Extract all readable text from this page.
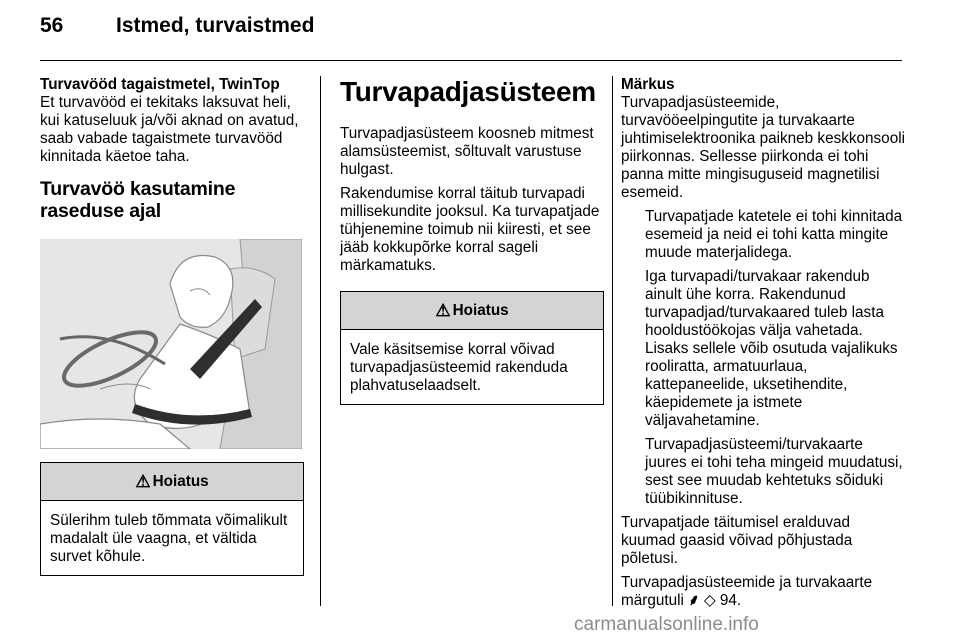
56	Istmed, turvaistmed
Turvavööd tagaistmetel, TwinTop

Et turvavööd ei tekitaks laksuvat heli, kui katuseluuk ja/või aknad on avatud, saab vabade tagaistmete turvavööd kinnitada käetoe taha.

Turvavöö kasutamine raseduse ajal
⚠ Hoiatus
Sülerihm tuleb tõmmata võimalikult madalalt üle vaagna, et vältida survet kõhule.
Turvapadjasüsteem

Turvapadjasüsteem koosneb mitmest alamsüsteemist, sõltuvalt varustuse hulgast.

Rakendumise korral täitub turvapadi millisekundite jooksul. Ka turvapatjade tühjenemine toimub nii kiiresti, et see jääb kokkupõrke korral sageli märkamatuks.

⚠ Hoiatus
Vale käsitsemise korral võivad turvapadjasüsteemid rakenduda plahvatuselaadselt.
Märkus

Turvapadjasüsteemide, turvavööeelpingutite ja turvakaarte juhtimiselektroonika paikneb keskkonsooli piirkonnas. Sellesse piirkonda ei tohi panna mitte mingisuguseid magnetilisi esemeid.

Turvapatjade katetele ei tohi kinnitada esemeid ja neid ei tohi katta mingite muude materjalidega.

Iga turvapadi/turvakaar rakendub ainult ühe korra. Rakendunud turvapadjad/turvakaared tuleb lasta hooldustöökojas välja vahetada. Lisaks sellele võib osutuda vajalikuks rooliratta, armatuurlaua, kattepaneelide, uksetihendite, käepidemete ja istmete väljavahetamine.

Turvapadjasüsteemi/turvakaarte juures ei tohi teha mingeid muudatusi, sest see muudab kehtetuks sõiduki tüübikinnituse.

Turvapatjade täitumisel eralduvad kuumad gaasid võivad põhjustada põletusi.

Turvapadjasüsteemide ja turvakaarte märgutuli ⸙ ◇ 94.

carmanualsonline.info
